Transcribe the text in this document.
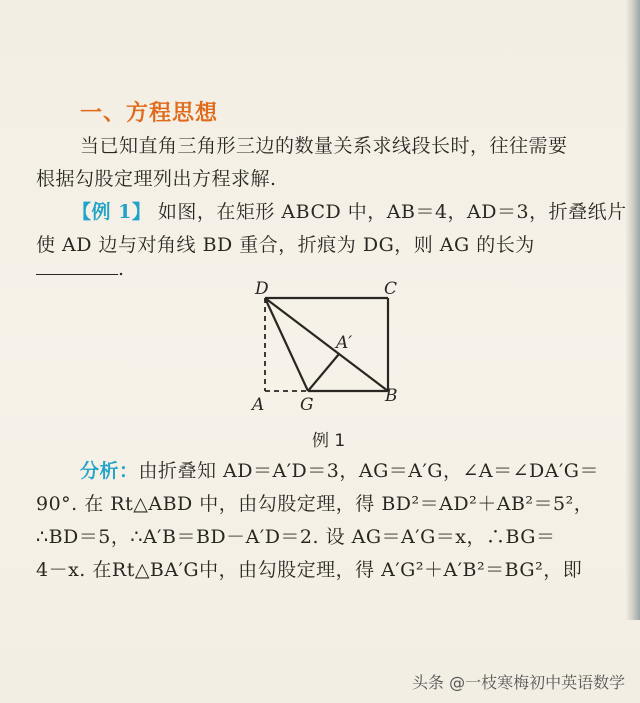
一、方程思想
当已知直角三角形三边的数量关系求线段长时，往往需要
根据勾股定理列出方程求解.
【例 1】 如图，在矩形 ABCD 中，AB＝4，AD＝3，折叠纸片
使 AD 边与对角线 BD 重合，折痕为 DG，则 AG 的长为
.
D	C
A′
A G	B
例 1
分析：由折叠知 AD＝A′D＝3，AG＝A′G，∠A＝∠DA′G＝
90°. 在 Rt△ABD 中，由勾股定理，得 BD²＝AD²＋AB²＝5²，
∴BD＝5，∴A′B＝BD－A′D＝2. 设 AG＝A′G＝x，∴BG＝
4－x. 在Rt△BA′G中，由勾股定理，得 A′G²＋A′B²＝BG²，即
头条 @一枝寒梅初中英语数学
